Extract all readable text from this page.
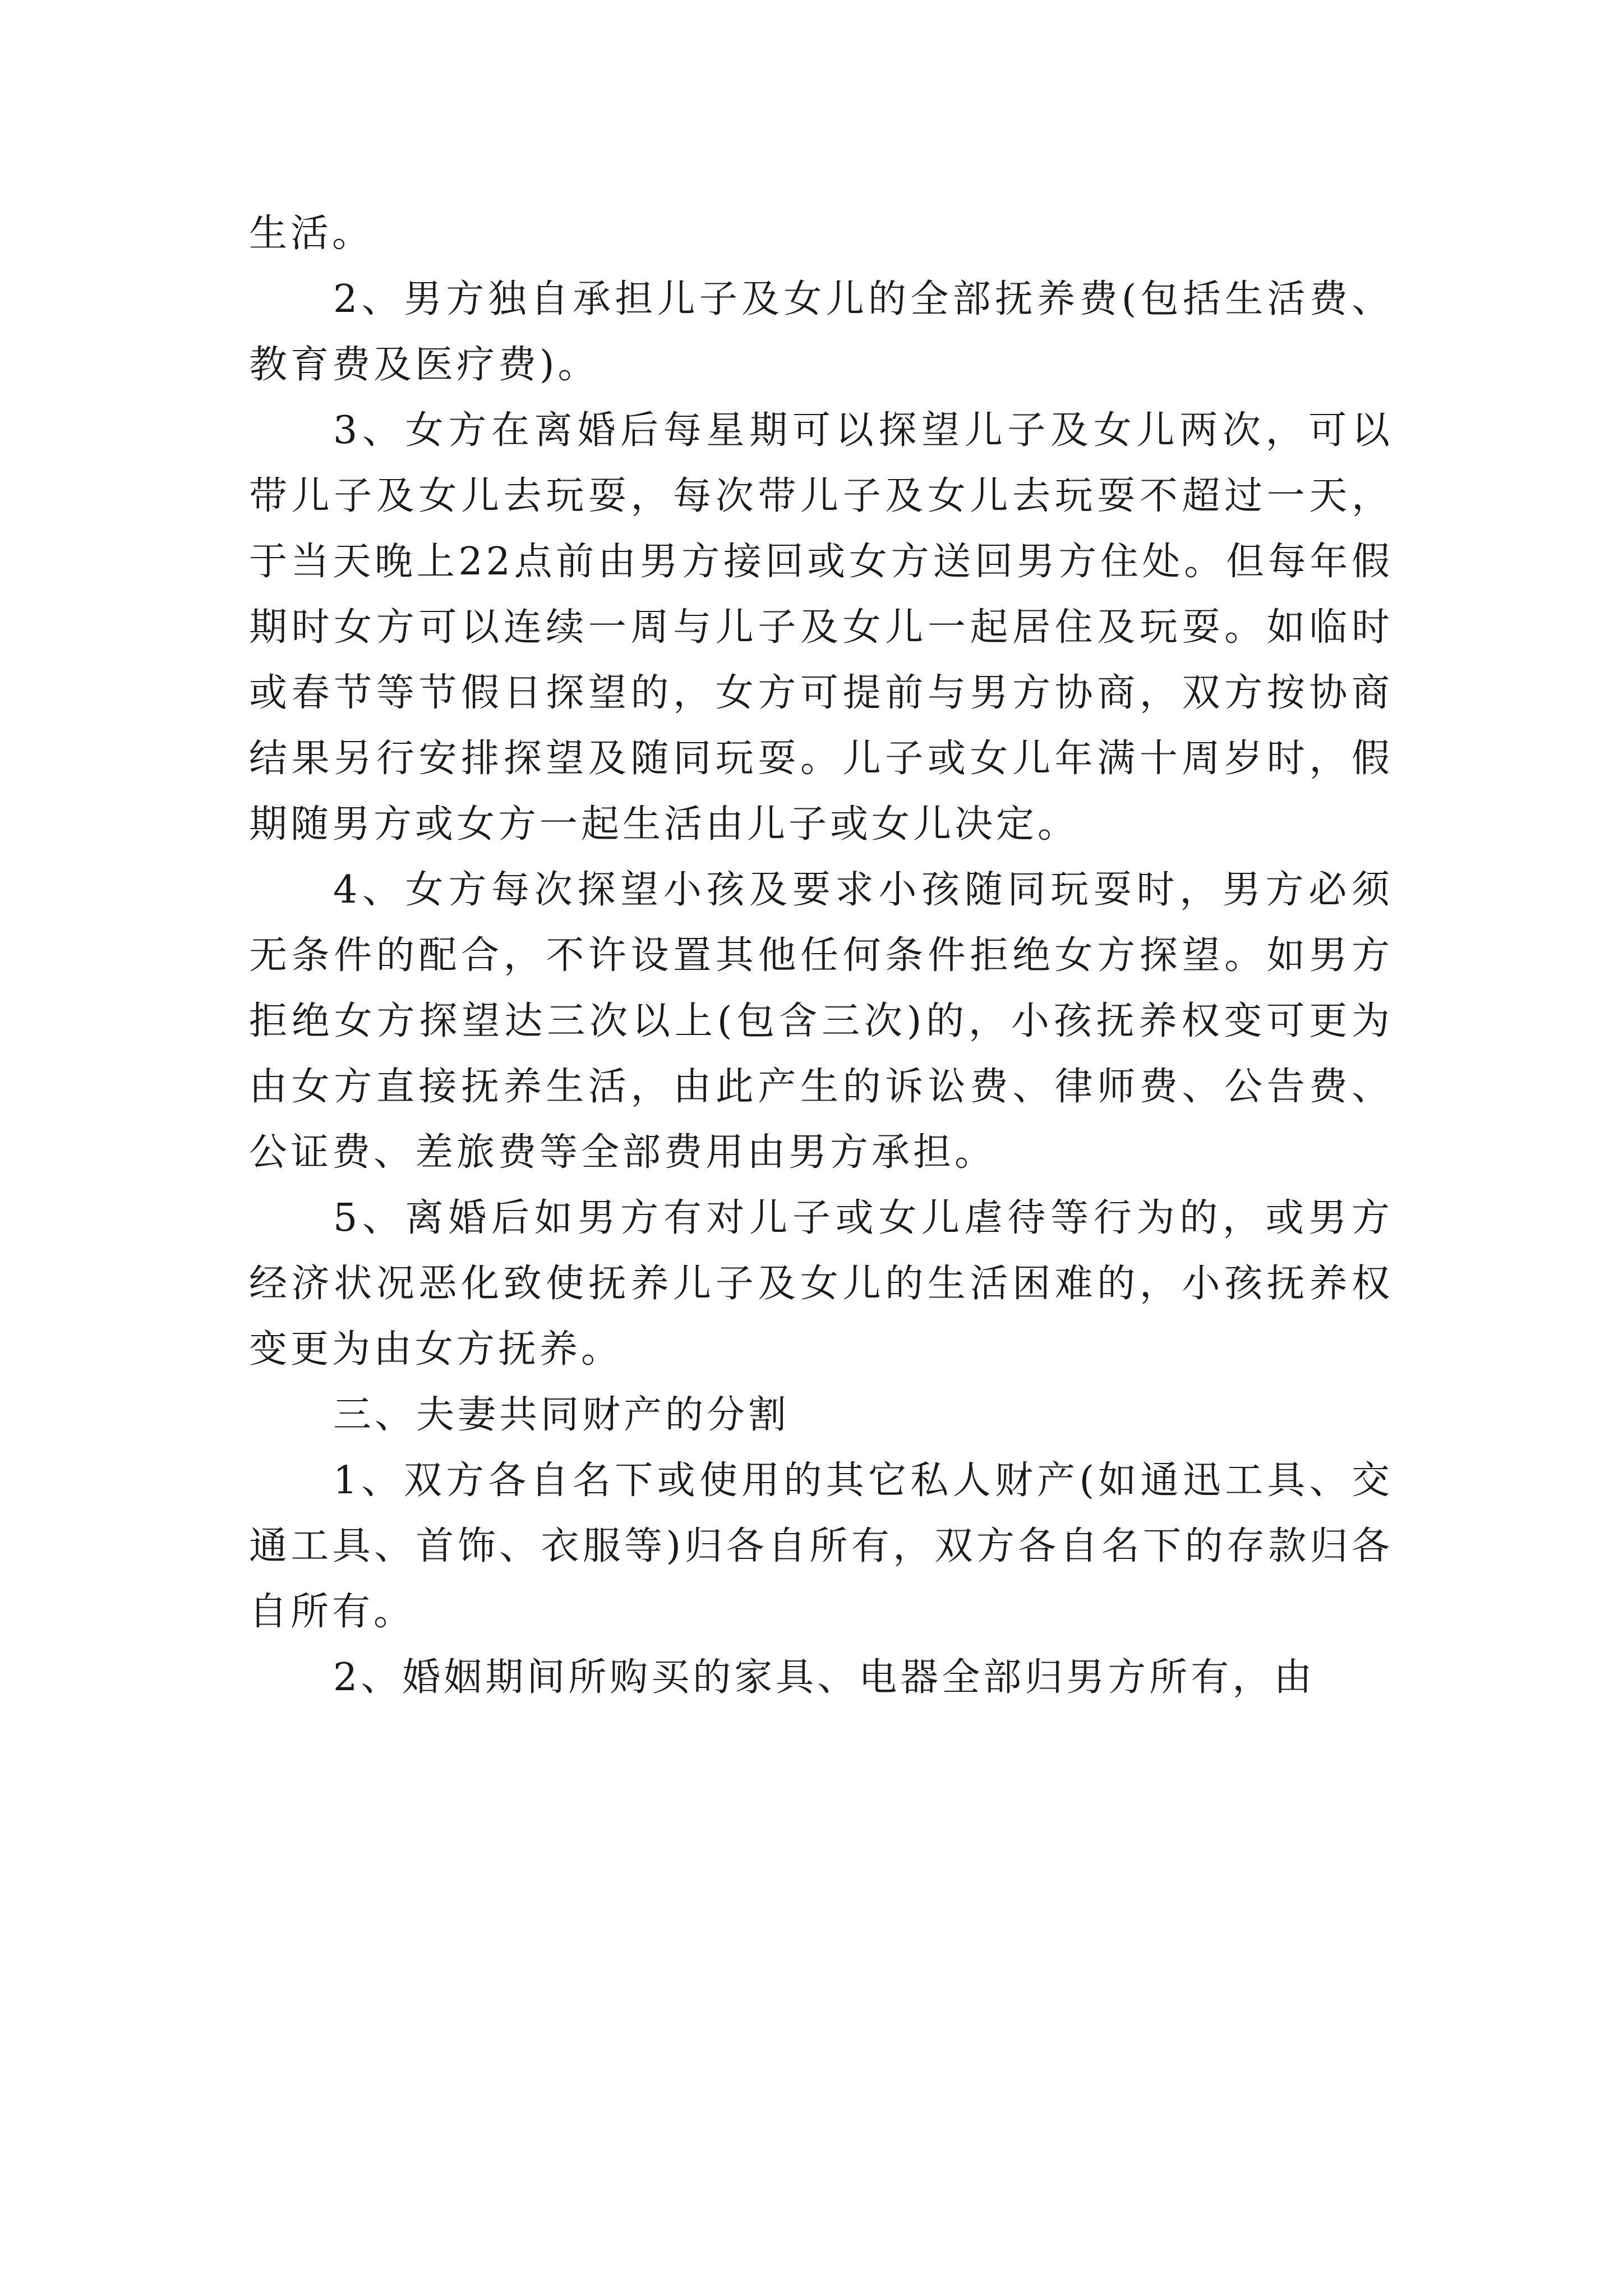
生活。

2、男方独自承担儿子及女儿的全部抚养费(包括生活费、教育费及医疗费)。

3、女方在离婚后每星期可以探望儿子及女儿两次，可以带儿子及女儿去玩耍，每次带儿子及女儿去玩耍不超过一天，于当天晚上22点前由男方接回或女方送回男方住处。但每年假期时女方可以连续一周与儿子及女儿一起居住及玩耍。如临时或春节等节假日探望的，女方可提前与男方协商，双方按协商结果另行安排探望及随同玩耍。儿子或女儿年满十周岁时，假期随男方或女方一起生活由儿子或女儿决定。

4、女方每次探望小孩及要求小孩随同玩耍时，男方必须无条件的配合，不许设置其他任何条件拒绝女方探望。如男方拒绝女方探望达三次以上(包含三次)的，小孩抚养权变可更为由女方直接抚养生活，由此产生的诉讼费、律师费、公告费、公证费、差旅费等全部费用由男方承担。

5、离婚后如男方有对儿子或女儿虐待等行为的，或男方经济状况恶化致使抚养儿子及女儿的生活困难的，小孩抚养权变更为由女方抚养。

三、夫妻共同财产的分割

1、双方各自名下或使用的其它私人财产(如通迅工具、交通工具、首饰、衣服等)归各自所有，双方各自名下的存款归各自所有。

2、婚姻期间所购买的家具、电器全部归男方所有，由
